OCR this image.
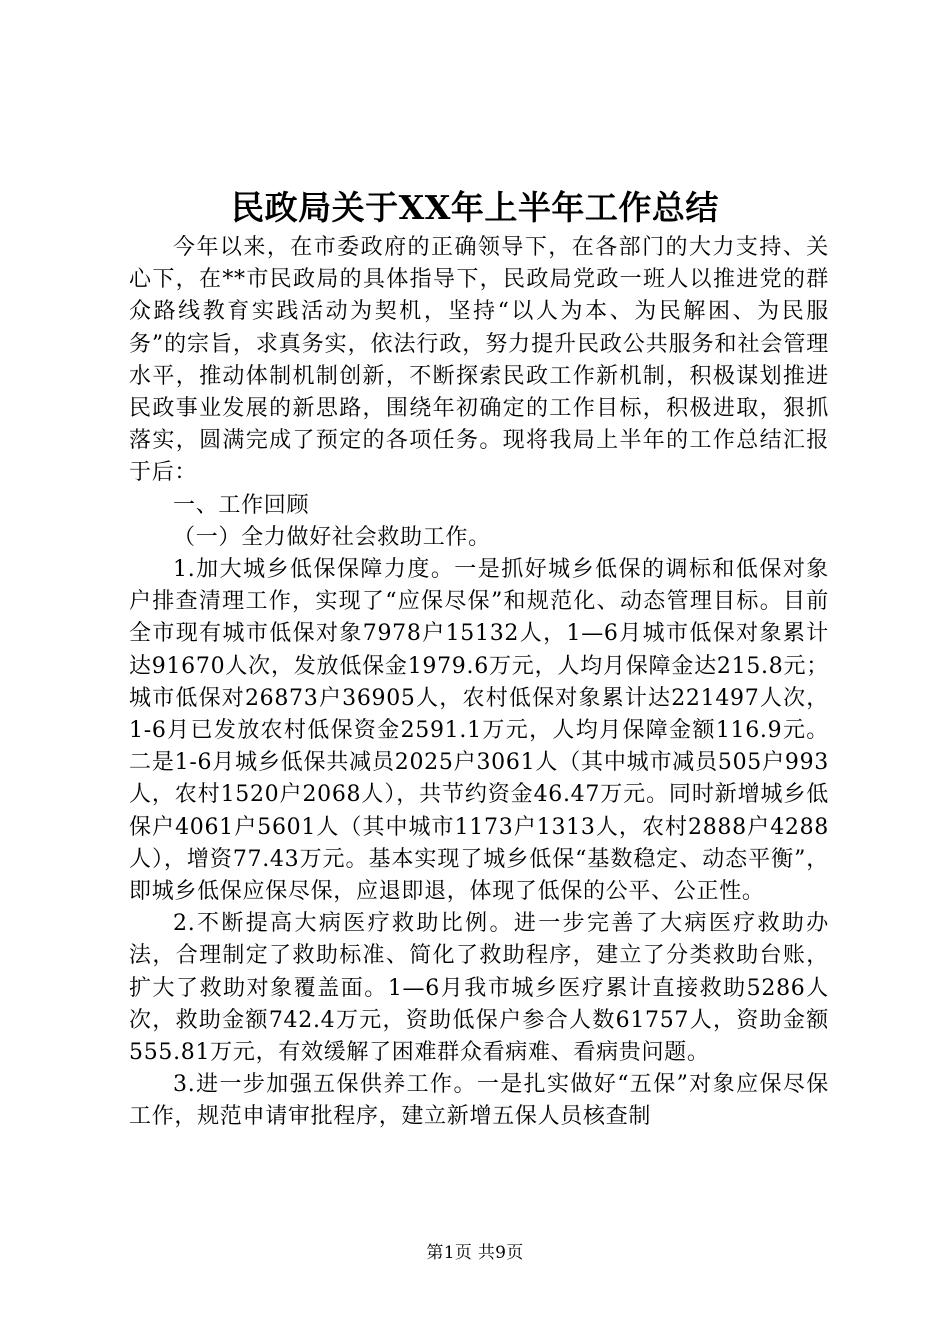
民政局关于XX年上半年工作总结

今年以来，在市委政府的正确领导下，在各部门的大力支持、关心下，在**市民政局的具体指导下，民政局党政一班人以推进党的群众路线教育实践活动为契机，坚持“以人为本、为民解困、为民服务”的宗旨，求真务实，依法行政，努力提升民政公共服务和社会管理水平，推动体制机制创新，不断探索民政工作新机制，积极谋划推进民政事业发展的新思路，围绕年初确定的工作目标，积极进取，狠抓落实，圆满完成了预定的各项任务。现将我局上半年的工作总结汇报于后：

一、工作回顾

（一）全力做好社会救助工作。

1.加大城乡低保保障力度。一是抓好城乡低保的调标和低保对象户排查清理工作，实现了“应保尽保”和规范化、动态管理目标。目前全市现有城市低保对象7978户15132人，1—6月城市低保对象累计达91670人次，发放低保金1979.6万元，人均月保障金达215.8元；城市低保对26873户36905人，农村低保对象累计达221497人次，1-6月已发放农村低保资金2591.1万元，人均月保障金额116.9元。二是1-6月城乡低保共减员2025户3061人（其中城市减员505户993人，农村1520户2068人），共节约资金46.47万元。同时新增城乡低保户4061户5601人（其中城市1173户1313人，农村2888户4288人），增资77.43万元。基本实现了城乡低保“基数稳定、动态平衡”，即城乡低保应保尽保，应退即退，体现了低保的公平、公正性。

2.不断提高大病医疗救助比例。进一步完善了大病医疗救助办法，合理制定了救助标准、简化了救助程序，建立了分类救助台账，扩大了救助对象覆盖面。1—6月我市城乡医疗累计直接救助5286人次，救助金额742.4万元，资助低保户参合人数61757人，资助金额555.81万元，有效缓解了困难群众看病难、看病贵问题。

3.进一步加强五保供养工作。一是扎实做好“五保”对象应保尽保工作，规范申请审批程序，建立新增五保人员核查制

第1页 共9页
